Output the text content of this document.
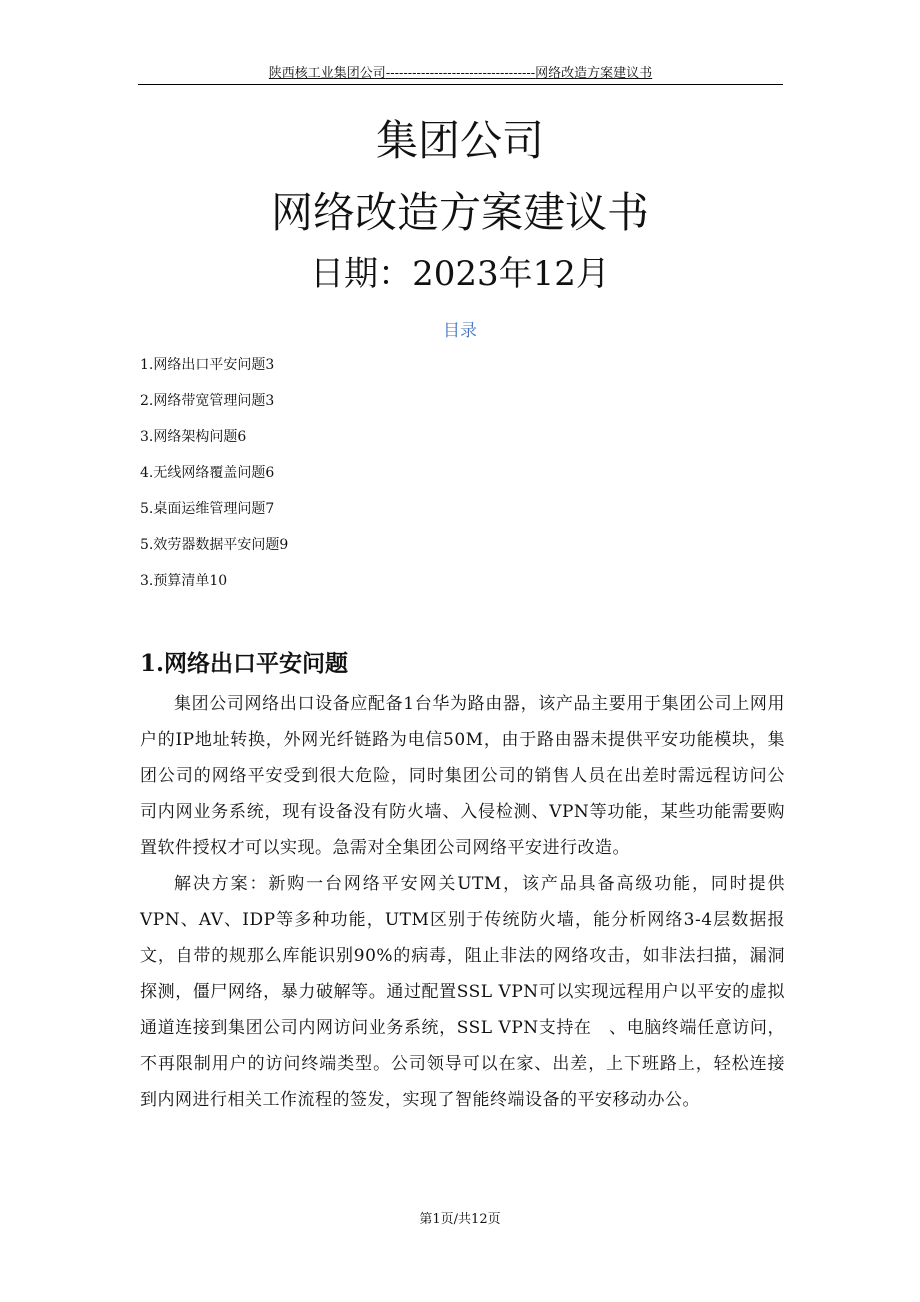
陕西核工业集团公司----------------------------------网络改造方案建议书
集团公司
网络改造方案建议书
日期：2023年12月
目录
1.网络出口平安问题3
2.网络带宽管理问题3
3.网络架构问题6
4.无线网络覆盖问题6
5.桌面运维管理问题7
5.效劳器数据平安问题9
3.预算清单10
1.网络出口平安问题

集团公司网络出口设备应配备1台华为路由器，该产品主要用于集团公司上网用户的IP地址转换，外网光纤链路为电信50M，由于路由器未提供平安功能模块，集团公司的网络平安受到很大危险，同时集团公司的销售人员在出差时需远程访问公司内网业务系统，现有设备没有防火墙、入侵检测、VPN等功能，某些功能需要购置软件授权才可以实现。急需对全集团公司网络平安进行改造。

解决方案：新购一台网络平安网关UTM，该产品具备高级功能，同时提供VPN、AV、IDP等多种功能，UTM区别于传统防火墙，能分析网络3-4层数据报文，自带的规那么库能识别90%的病毒，阻止非法的网络攻击，如非法扫描，漏洞探测，僵尸网络，暴力破解等。通过配置SSL VPN可以实现远程用户以平安的虚拟通道连接到集团公司内网访问业务系统，SSL VPN支持在　、电脑终端任意访问，不再限制用户的访问终端类型。公司领导可以在家、出差，上下班路上，轻松连接到内网进行相关工作流程的签发，实现了智能终端设备的平安移动办公。

第1页/共12页
